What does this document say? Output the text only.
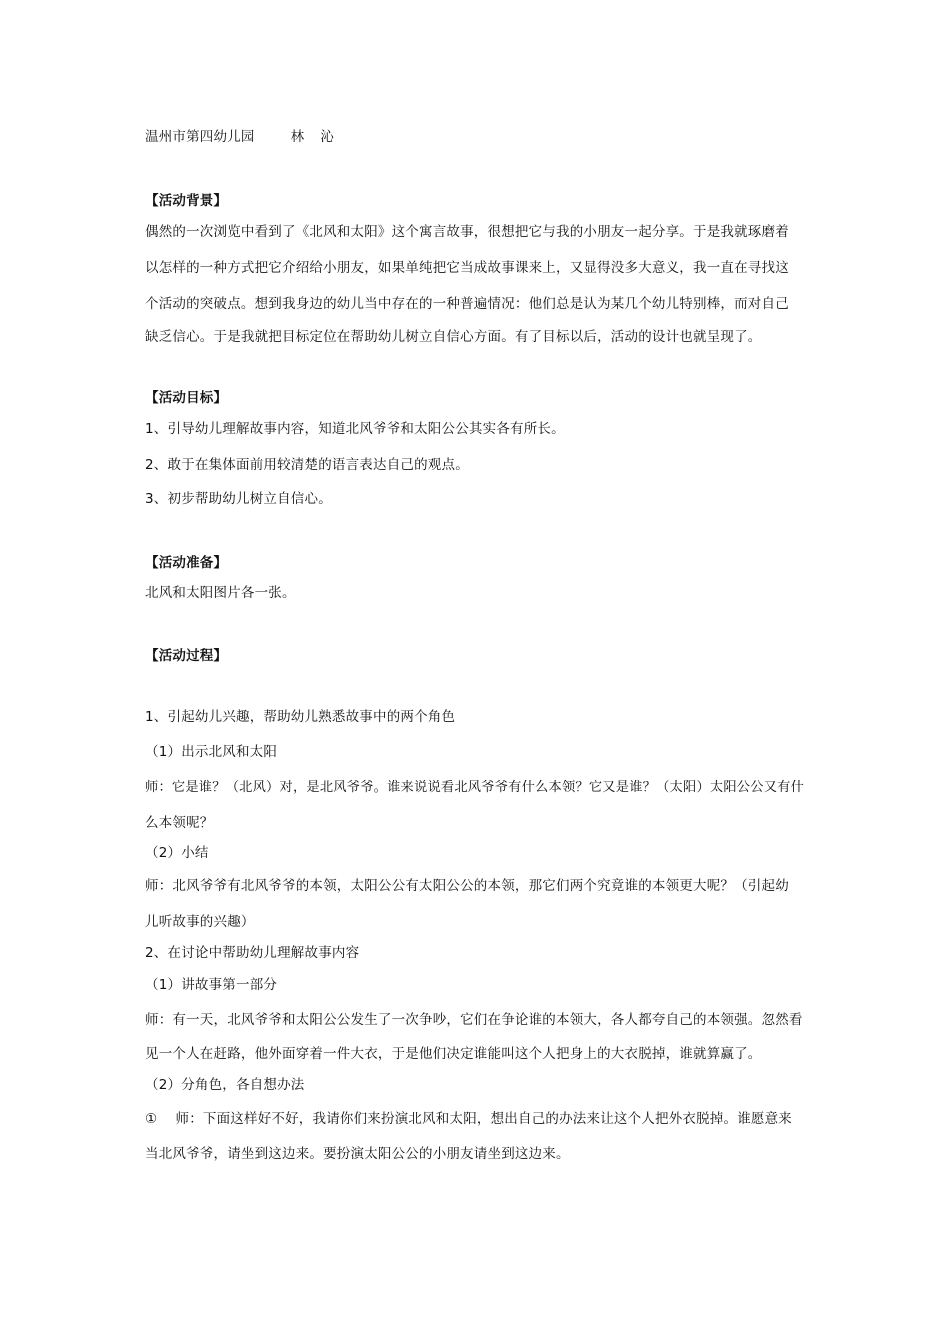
温州市第四幼儿园	林 沁
【活动背景】
偶然的一次浏览中看到了《北风和太阳》这个寓言故事，很想把它与我的小朋友一起分享。于是我就琢磨着
以怎样的一种方式把它介绍给小朋友，如果单纯把它当成故事课来上，又显得没多大意义，我一直在寻找这
个活动的突破点。想到我身边的幼儿当中存在的一种普遍情况：他们总是认为某几个幼儿特别棒，而对自己
缺乏信心。于是我就把目标定位在帮助幼儿树立自信心方面。有了目标以后，活动的设计也就呈现了。
【活动目标】
1、引导幼儿理解故事内容，知道北风爷爷和太阳公公其实各有所长。
2、敢于在集体面前用较清楚的语言表达自己的观点。
3、初步帮助幼儿树立自信心。
【活动准备】
北风和太阳图片各一张。
【活动过程】
1、引起幼儿兴趣，帮助幼儿熟悉故事中的两个角色
（1）出示北风和太阳
师：它是谁？（北风）对，是北风爷爷。谁来说说看北风爷爷有什么本领？它又是谁？（太阳）太阳公公又有什
么本领呢？
（2）小结
师：北风爷爷有北风爷爷的本领，太阳公公有太阳公公的本领，那它们两个究竟谁的本领更大呢？（引起幼
儿听故事的兴趣）
2、在讨论中帮助幼儿理解故事内容
（1）讲故事第一部分
师：有一天，北风爷爷和太阳公公发生了一次争吵，它们在争论谁的本领大，各人都夸自己的本领强。忽然看
见一个人在赶路，他外面穿着一件大衣，于是他们决定谁能叫这个人把身上的大衣脱掉，谁就算赢了。
（2）分角色，各自想办法
①　 师：下面这样好不好，我请你们来扮演北风和太阳，想出自己的办法来让这个人把外衣脱掉。谁愿意来
当北风爷爷，请坐到这边来。要扮演太阳公公的小朋友请坐到这边来。
